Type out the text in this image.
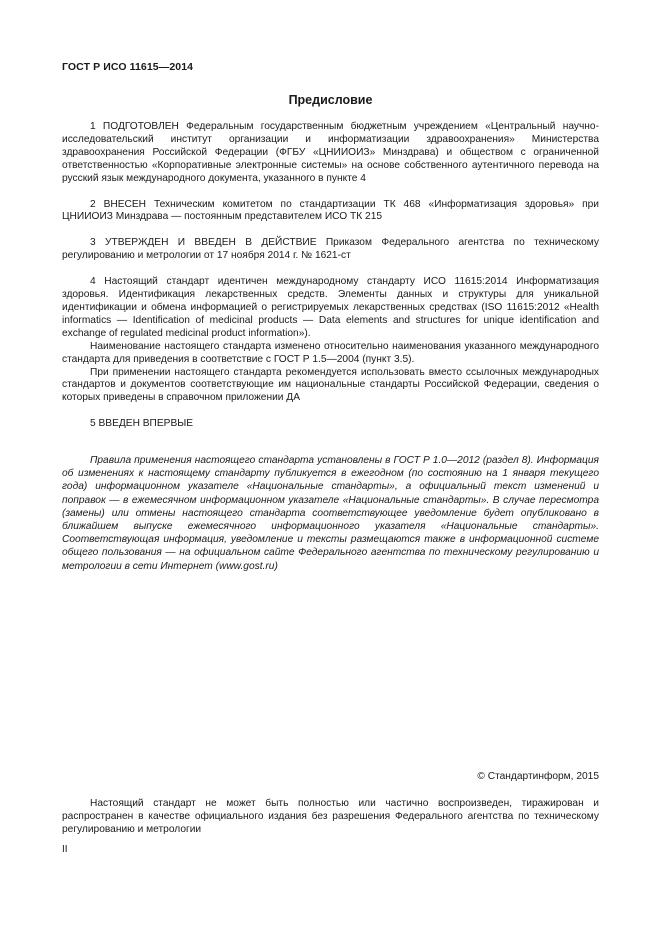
ГОСТ Р ИСО 11615—2014
Предисловие

1 ПОДГОТОВЛЕН Федеральным государственным бюджетным учреждением «Центральный научно-исследовательский институт организации и информатизации здравоохранения» Министерства здравоохранения Российской Федерации (ФГБУ «ЦНИИОИЗ» Минздрава) и обществом с ограниченной ответственностью «Корпоративные электронные системы» на основе собственного аутентичного перевода на русский язык международного документа, указанного в пункте 4

2 ВНЕСЕН Техническим комитетом по стандартизации ТК 468 «Информатизация здоровья» при ЦНИИОИЗ Минздрава — постоянным представителем ИСО ТК 215

3 УТВЕРЖДЕН И ВВЕДЕН В ДЕЙСТВИЕ Приказом Федерального агентства по техническому регулированию и метрологии от 17 ноября 2014 г. № 1621-ст

4 Настоящий стандарт идентичен международному стандарту ИСО 11615:2014 Информатизация здоровья. Идентификация лекарственных средств. Элементы данных и структуры для уникальной идентификации и обмена информацией о регистрируемых лекарственных средствах (ISO 11615:2012 «Health informatics — Identification of medicinal products — Data elements and structures for unique identification and exchange of regulated medicinal product information»).

Наименование настоящего стандарта изменено относительно наименования указанного международного стандарта для приведения в соответствие с ГОСТ Р 1.5—2004 (пункт 3.5).

При применении настоящего стандарта рекомендуется использовать вместо ссылочных международных стандартов и документов соответствующие им национальные стандарты Российской Федерации, сведения о которых приведены в справочном приложении ДА

5 ВВЕДЕН ВПЕРВЫЕ

Правила применения настоящего стандарта установлены в ГОСТ Р 1.0—2012 (раздел 8). Информация об изменениях к настоящему стандарту публикуется в ежегодном (по состоянию на 1 января текущего года) информационном указателе «Национальные стандарты», а официальный текст изменений и поправок — в ежемесячном информационном указателе «Национальные стандарты». В случае пересмотра (замены) или отмены настоящего стандарта соответствующее уведомление будет опубликовано в ближайшем выпуске ежемесячного информационного указателя «Национальные стандарты». Соответствующая информация, уведомление и тексты размещаются также в информационной системе общего пользования — на официальном сайте Федерального агентства по техническому регулированию и метрологии в сети Интернет (www.gost.ru)

© Стандартинформ, 2015

Настоящий стандарт не может быть полностью или частично воспроизведен, тиражирован и распространен в качестве официального издания без разрешения Федерального агентства по техническому регулированию и метрологии

II
